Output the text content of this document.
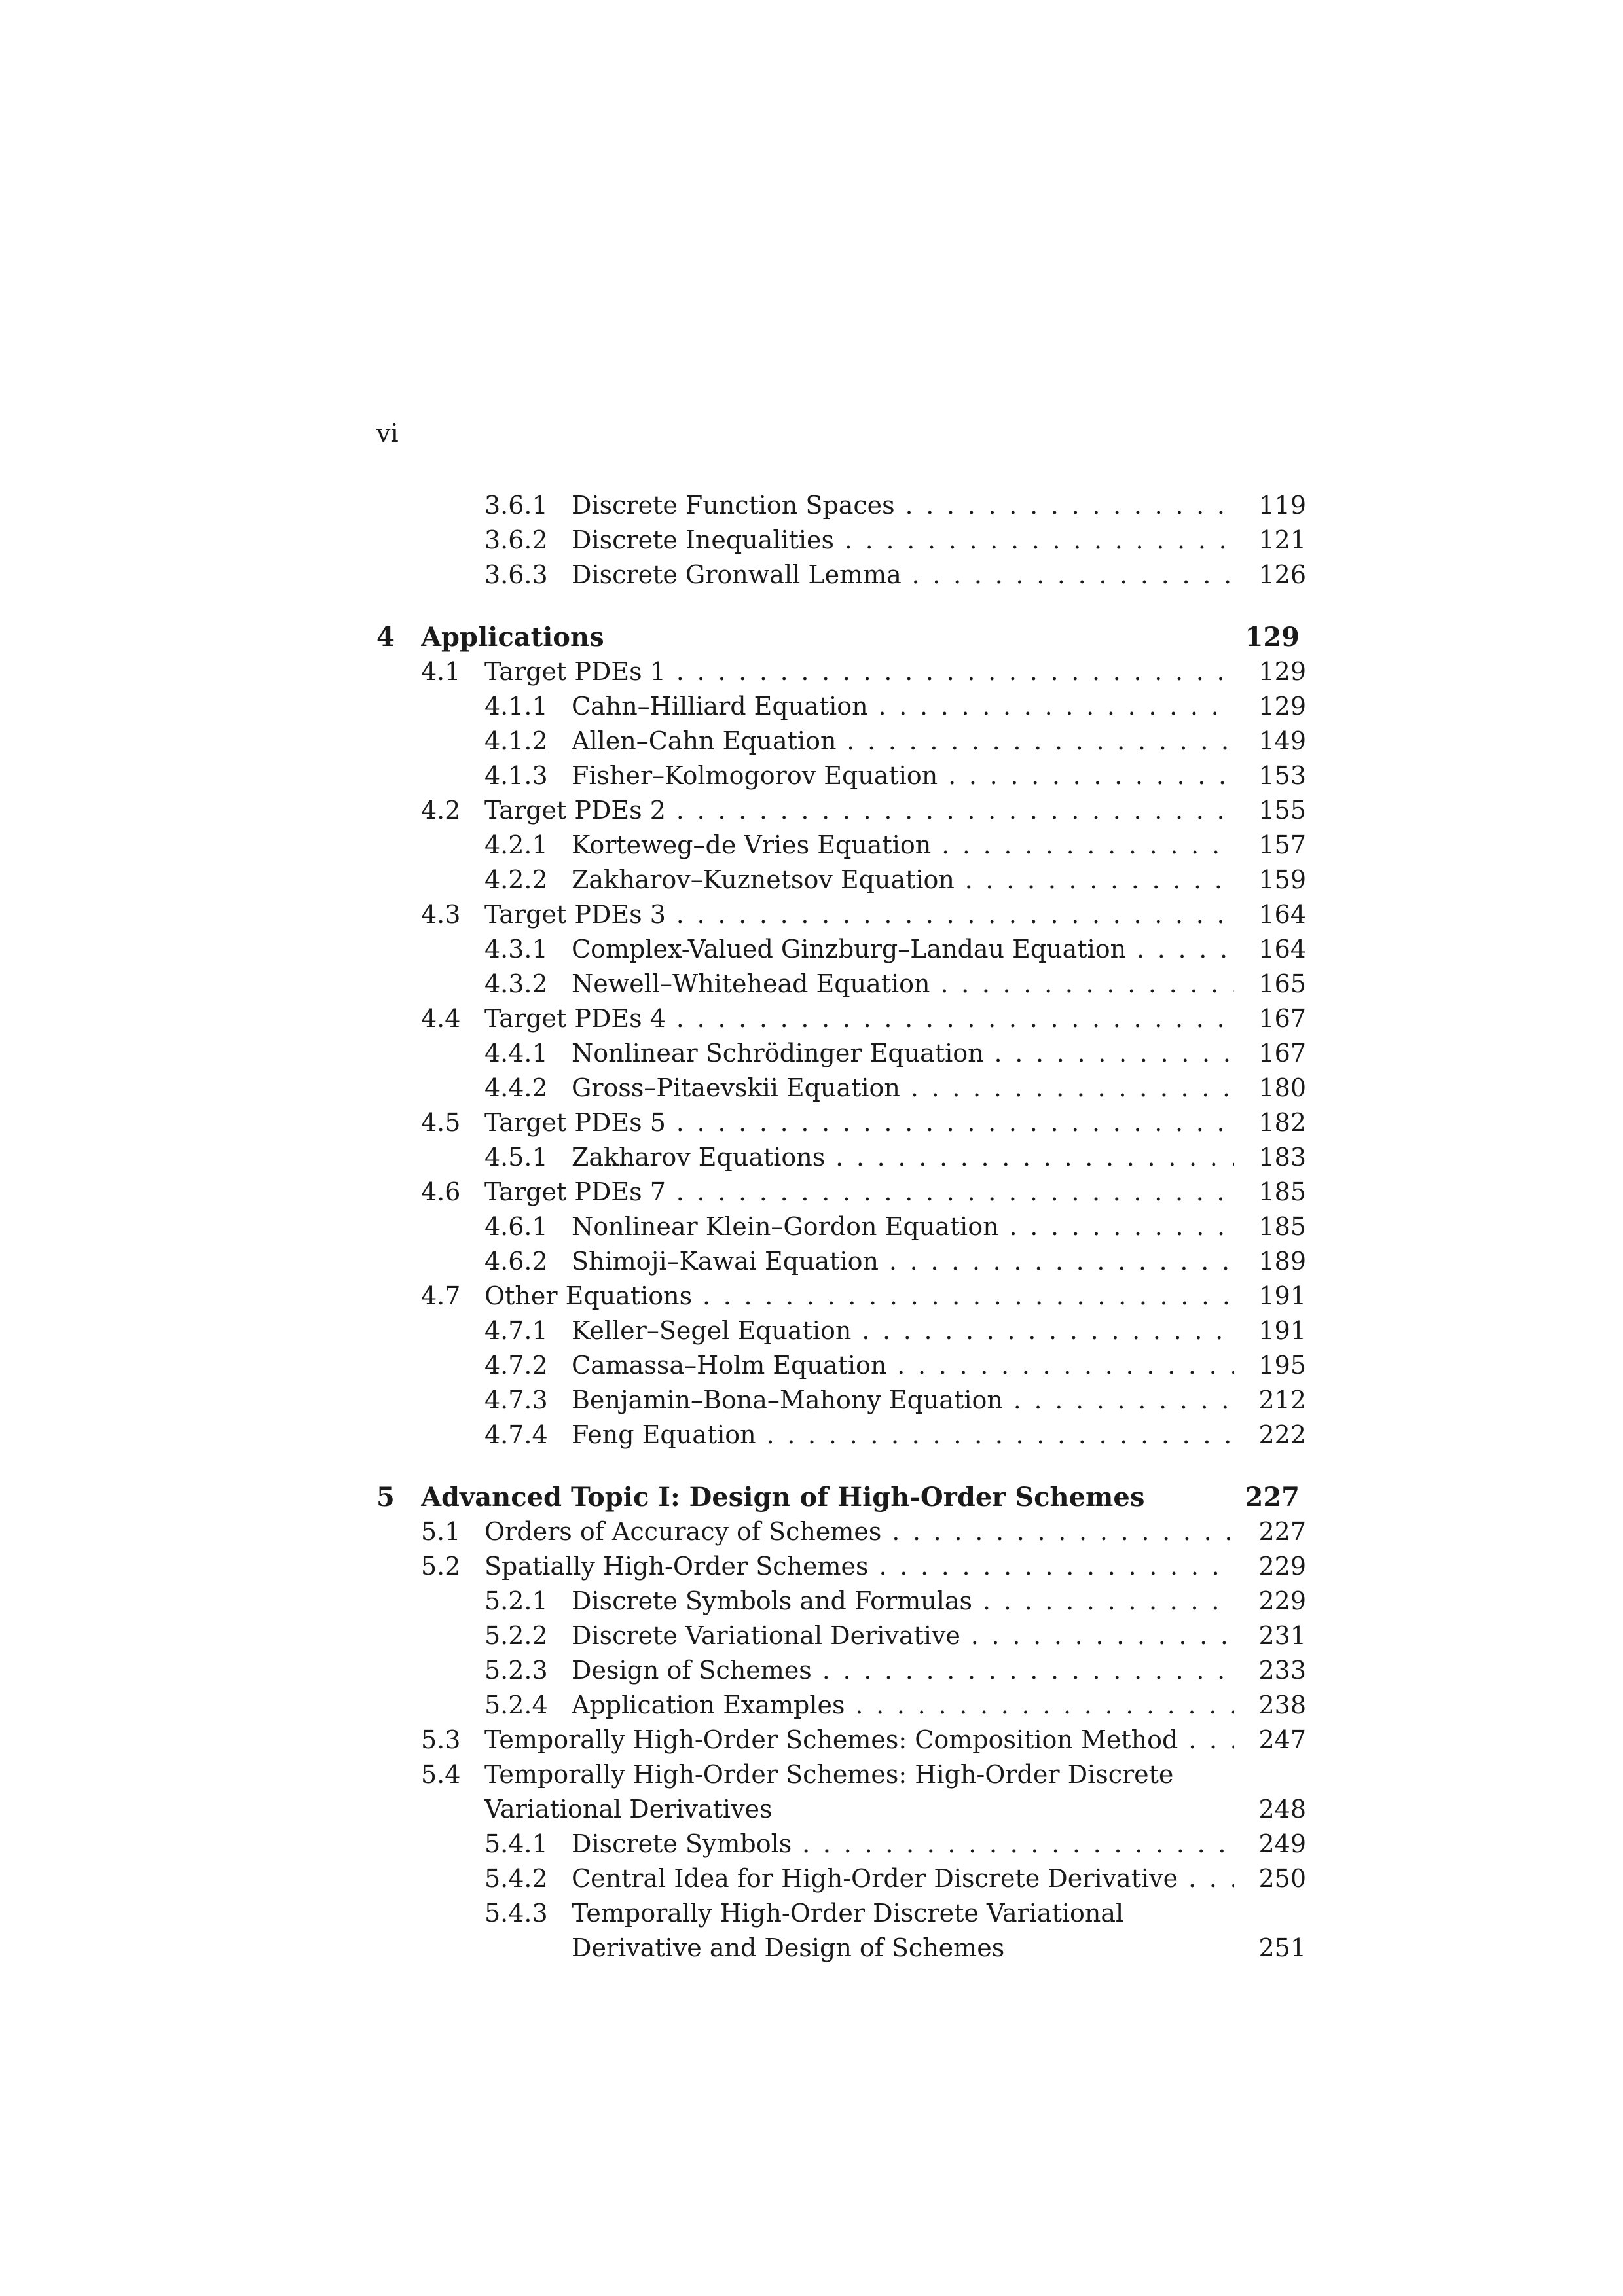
vi
3.6.1 Discrete Function Spaces . . .	119
3.6.2 Discrete Inequalities . . .	121
3.6.3 Discrete Gronwall Lemma . . .	126
4 Applications	129
4.1 Target PDEs 1 . . .	129
4.1.1 Cahn–Hilliard Equation . . .	129
4.1.2 Allen–Cahn Equation . . .	149
4.1.3 Fisher–Kolmogorov Equation . . .	153
4.2 Target PDEs 2 . . .	155
4.2.1 Korteweg–de Vries Equation . . .	157
4.2.2 Zakharov–Kuznetsov Equation . . .	159
4.3 Target PDEs 3 . . .	164
4.3.1 Complex-Valued Ginzburg–Landau Equation . . .	164
4.3.2 Newell–Whitehead Equation . . .	165
4.4 Target PDEs 4 . . .	167
4.4.1 Nonlinear Schrödinger Equation . . .	167
4.4.2 Gross–Pitaevskii Equation . . .	180
4.5 Target PDEs 5 . . .	182
4.5.1 Zakharov Equations . . .	183
4.6 Target PDEs 7 . . .	185
4.6.1 Nonlinear Klein–Gordon Equation . . .	185
4.6.2 Shimoji–Kawai Equation . . .	189
4.7 Other Equations . . .	191
4.7.1 Keller–Segel Equation . . .	191
4.7.2 Camassa–Holm Equation . . .	195
4.7.3 Benjamin–Bona–Mahony Equation . . .	212
4.7.4 Feng Equation . . .	222
5 Advanced Topic I: Design of High-Order Schemes	227
5.1 Orders of Accuracy of Schemes . . .	227
5.2 Spatially High-Order Schemes . . .	229
5.2.1 Discrete Symbols and Formulas . . .	229
5.2.2 Discrete Variational Derivative . . .	231
5.2.3 Design of Schemes . . .	233
5.2.4 Application Examples . . .	238
5.3 Temporally High-Order Schemes: Composition Method . . .	247
5.4 Temporally High-Order Schemes: High-Order Discrete Variational Derivatives	248
5.4.1 Discrete Symbols . . .	249
5.4.2 Central Idea for High-Order Discrete Derivative . . .	250
5.4.3 Temporally High-Order Discrete Variational Derivative and Design of Schemes	251
